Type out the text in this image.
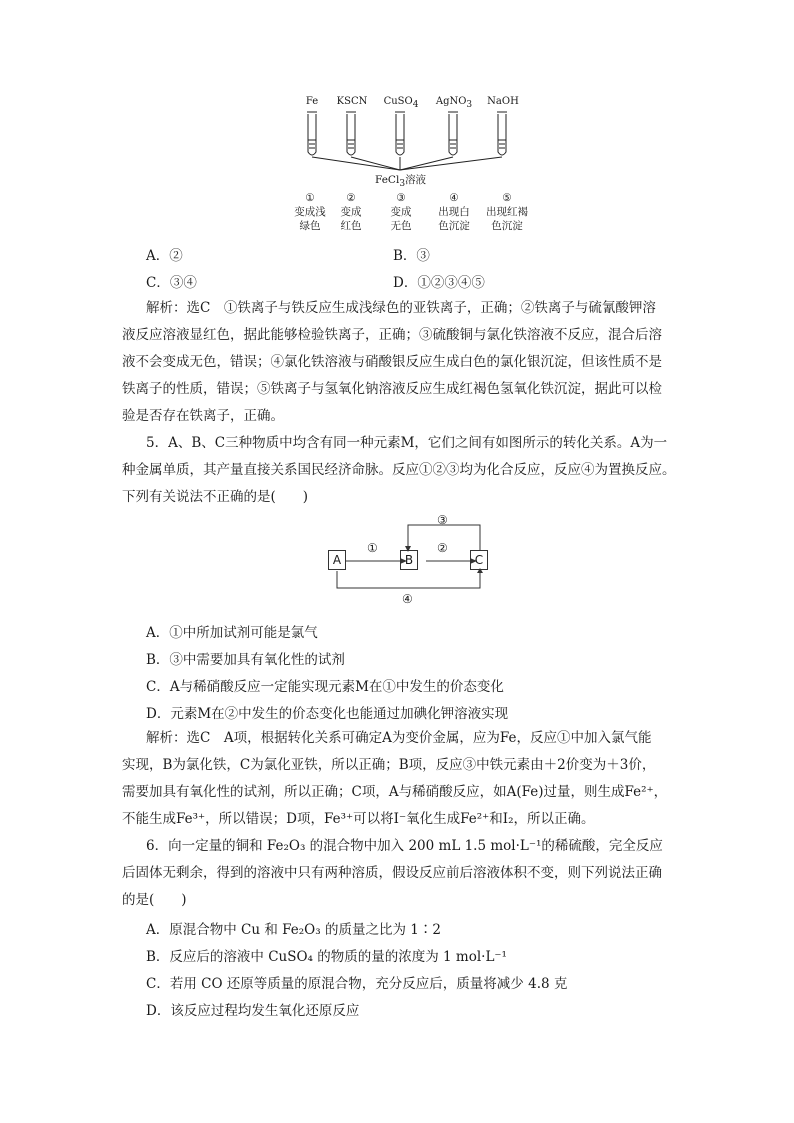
Fe	KSCN	CuSO$_4$	AgNO$_3$	NaOH
FeCl$_3$溶液
①
变成浅
绿色
②
变成
红色
③
变成
无色
④
出现白
色沉淀
⑤
出现红褐
色沉淀
A．②	B．③
C．③④	D．①②③④⑤
解析：选C　①铁离子与铁反应生成浅绿色的亚铁离子，正确；②铁离子与硫氰酸钾溶
液反应溶液显红色，据此能够检验铁离子，正确；③硫酸铜与氯化铁溶液不反应，混合后溶
液不会变成无色，错误；④氯化铁溶液与硝酸银反应生成白色的氯化银沉淀，但该性质不是
铁离子的性质，错误；⑤铁离子与氢氧化钠溶液反应生成红褐色氢氧化铁沉淀，据此可以检
验是否存在铁离子，正确。
5．A、B、C三种物质中均含有同一种元素M，它们之间有如图所示的转化关系。A为一
种金属单质，其产量直接关系国民经济命脉。反应①②③均为化合反应，反应④为置换反应。
下列有关说法不正确的是(　　)
A	B	C
①	②
③
④
A．①中所加试剂可能是氯气
B．③中需要加具有氧化性的试剂
C．A与稀硝酸反应一定能实现元素M在①中发生的价态变化
D．元素M在②中发生的价态变化也能通过加碘化钾溶液实现
解析：选C　A项，根据转化关系可确定A为变价金属，应为Fe，反应①中加入氯气能
实现，B为氯化铁，C为氯化亚铁，所以正确；B项，反应③中铁元素由＋2价变为＋3价，
需要加具有氧化性的试剂，所以正确；C项，A与稀硝酸反应，如A(Fe)过量，则生成Fe²⁺，
不能生成Fe³⁺，所以错误；D项，Fe³⁺可以将I⁻氧化生成Fe²⁺和I₂，所以正确。
6．向一定量的铜和 Fe₂O₃ 的混合物中加入 200 mL 1.5 mol·L⁻¹的稀硫酸，完全反应
后固体无剩余，得到的溶液中只有两种溶质，假设反应前后溶液体积不变，则下列说法正确
的是(　　)
A．原混合物中 Cu 和 Fe₂O₃ 的质量之比为 1∶2
B．反应后的溶液中 CuSO₄ 的物质的量的浓度为 1 mol·L⁻¹
C．若用 CO 还原等质量的原混合物，充分反应后，质量将减少 4.8 克
D．该反应过程均发生氧化还原反应
